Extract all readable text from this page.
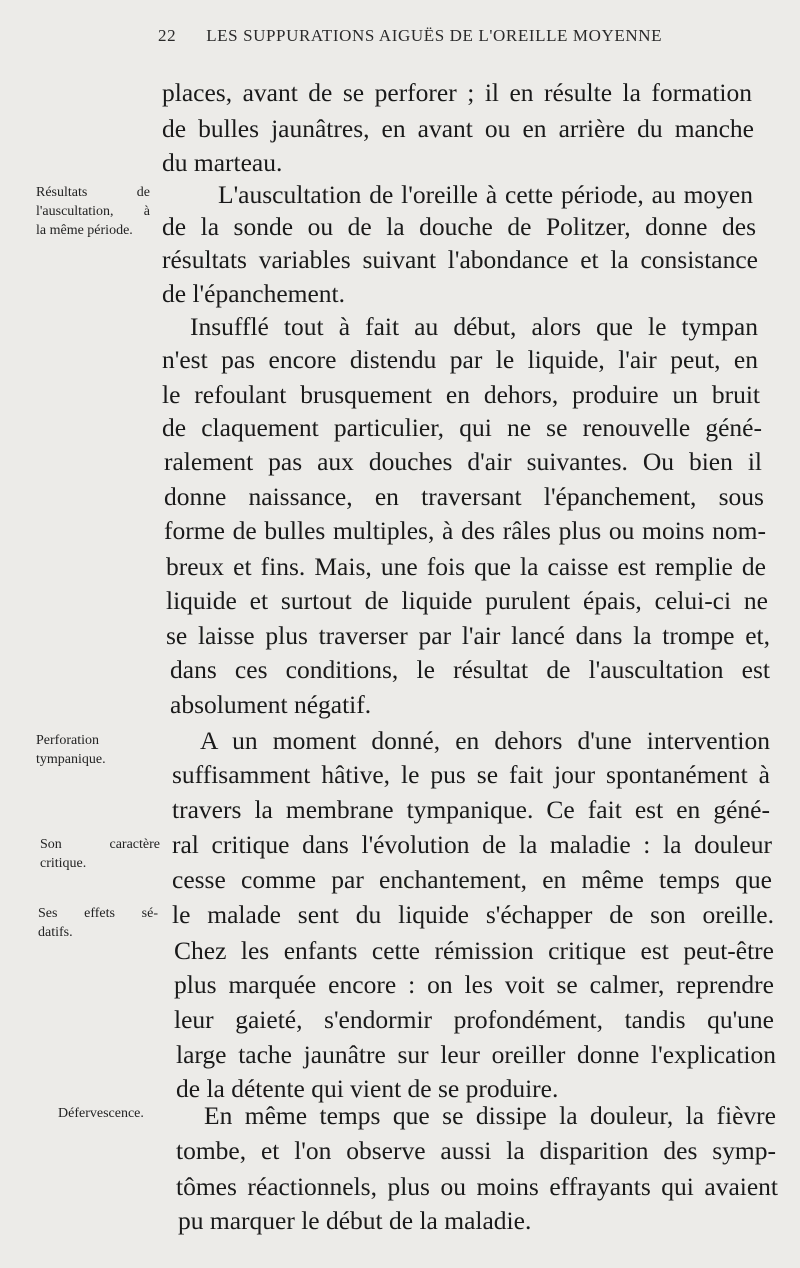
22 LES SUPPURATIONS AIGUËS DE L'OREILLE MOYENNE
places, avant de se perforer ; il en résulte la formation
de bulles jaunâtres, en avant ou en arrière du manche
du marteau.
L'auscultation de l'oreille à cette période, au moyen
de la sonde ou de la douche de Politzer, donne des
résultats variables suivant l'abondance et la consistance
de l'épanchement.
Insufflé tout à fait au début, alors que le tympan
n'est pas encore distendu par le liquide, l'air peut, en
le refoulant brusquement en dehors, produire un bruit
de claquement particulier, qui ne se renouvelle géné-
ralement pas aux douches d'air suivantes. Ou bien il
donne naissance, en traversant l'épanchement, sous
forme de bulles multiples, à des râles plus ou moins nom-
breux et fins. Mais, une fois que la caisse est remplie de
liquide et surtout de liquide purulent épais, celui-ci ne
se laisse plus traverser par l'air lancé dans la trompe et,
dans ces conditions, le résultat de l'auscultation est
absolument négatif.
A un moment donné, en dehors d'une intervention
suffisamment hâtive, le pus se fait jour spontanément à
travers la membrane tympanique. Ce fait est en géné-
ral critique dans l'évolution de la maladie : la douleur
cesse comme par enchantement, en même temps que
le malade sent du liquide s'échapper de son oreille.
Chez les enfants cette rémission critique est peut-être
plus marquée encore : on les voit se calmer, reprendre
leur gaieté, s'endormir profondément, tandis qu'une
large tache jaunâtre sur leur oreiller donne l'explication
de la détente qui vient de se produire.
En même temps que se dissipe la douleur, la fièvre
tombe, et l'on observe aussi la disparition des symp-
tômes réactionnels, plus ou moins effrayants qui avaient
pu marquer le début de la maladie.
Résultats de
l'auscultation, à
la même période.
Perforation
tympanique.
Son caractère
critique.
Ses effets sé-
datifs.
Défervescence.
